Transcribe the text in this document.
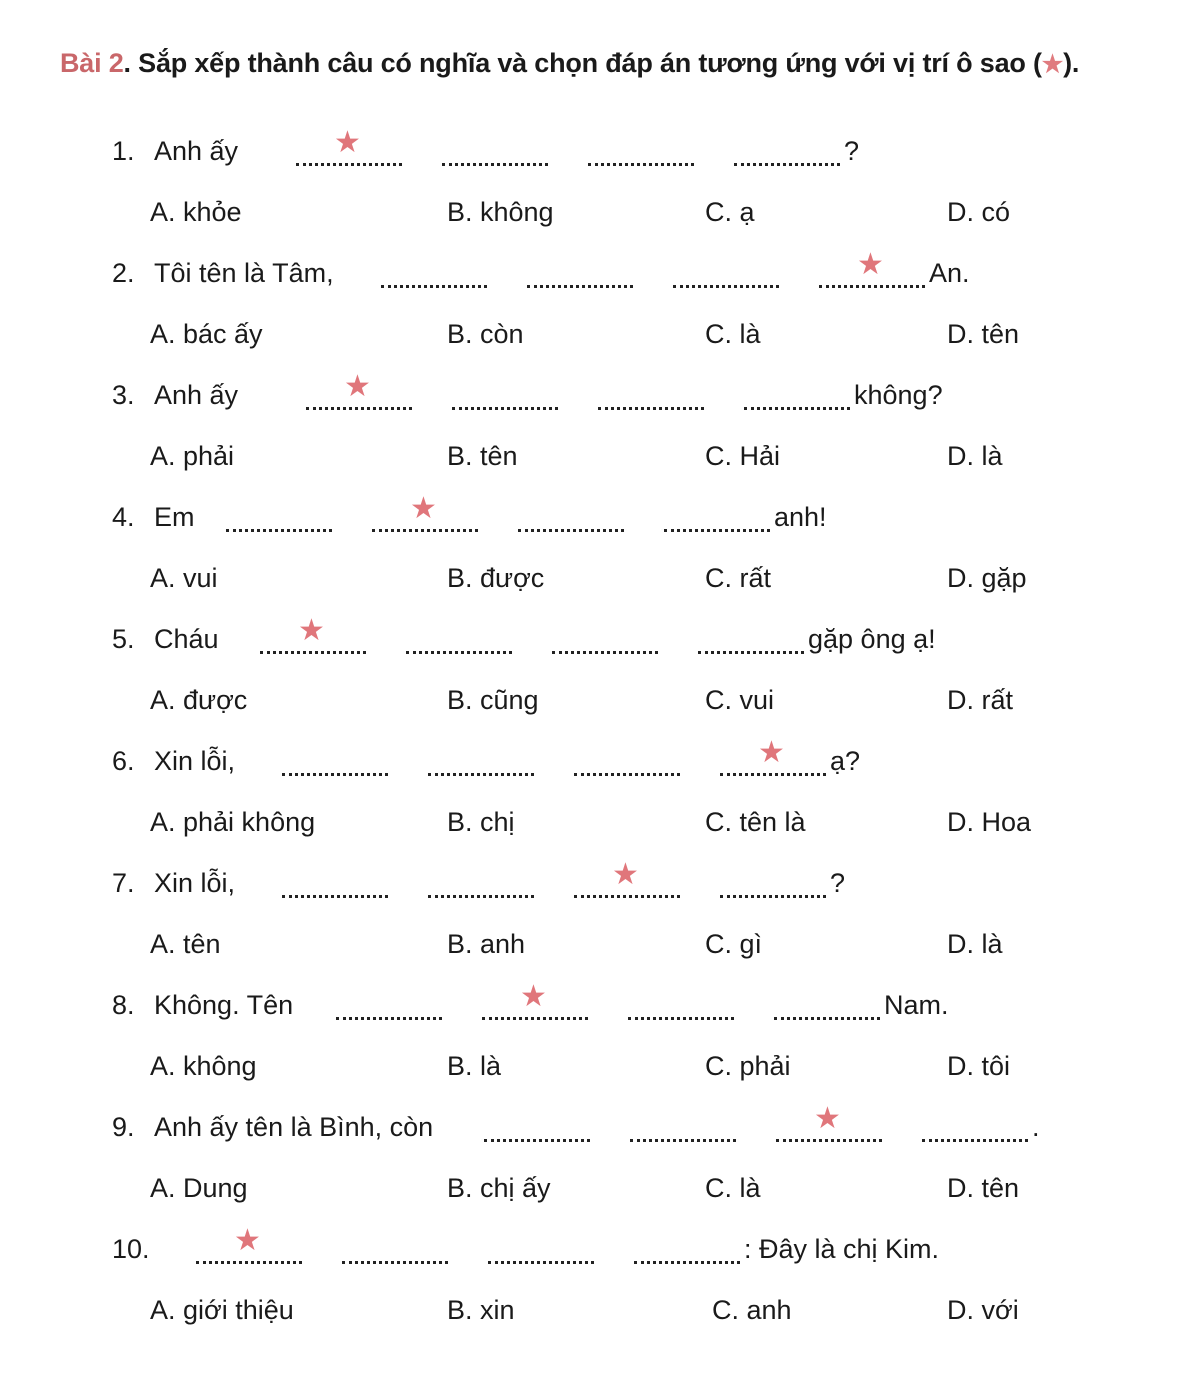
Bài 2. Sắp xếp thành câu có nghĩa và chọn đáp án tương ứng với vị trí ô sao (★).
1. Anh ấy	★	?
A. khỏe	B. không	C. ạ	D. có
2. Tôi tên là Tâm,	★ An.
A. bác ấy	B. còn	C. là	D. tên
3. Anh ấy	★	không?
A. phải	B. tên	C. Hải	D. là
4. Em	★	anh!
A. vui	B. được	C. rất	D. gặp
5. Cháu	★	gặp ông ạ!
A. được	B. cũng	C. vui	D. rất
6. Xin lỗi,	★ ạ?
A. phải không	B. chị	C. tên là	D. Hoa
7. Xin lỗi,	★	?
A. tên	B. anh	C. gì	D. là
8. Không. Tên	★	Nam.
A. không	B. là	C. phải	D. tôi
9. Anh ấy tên là Bình, còn	★	.
A. Dung	B. chị ấy	C. là	D. tên
10.	★	: Đây là chị Kim.
A. giới thiệu	B. xin	C. anh	D. với
